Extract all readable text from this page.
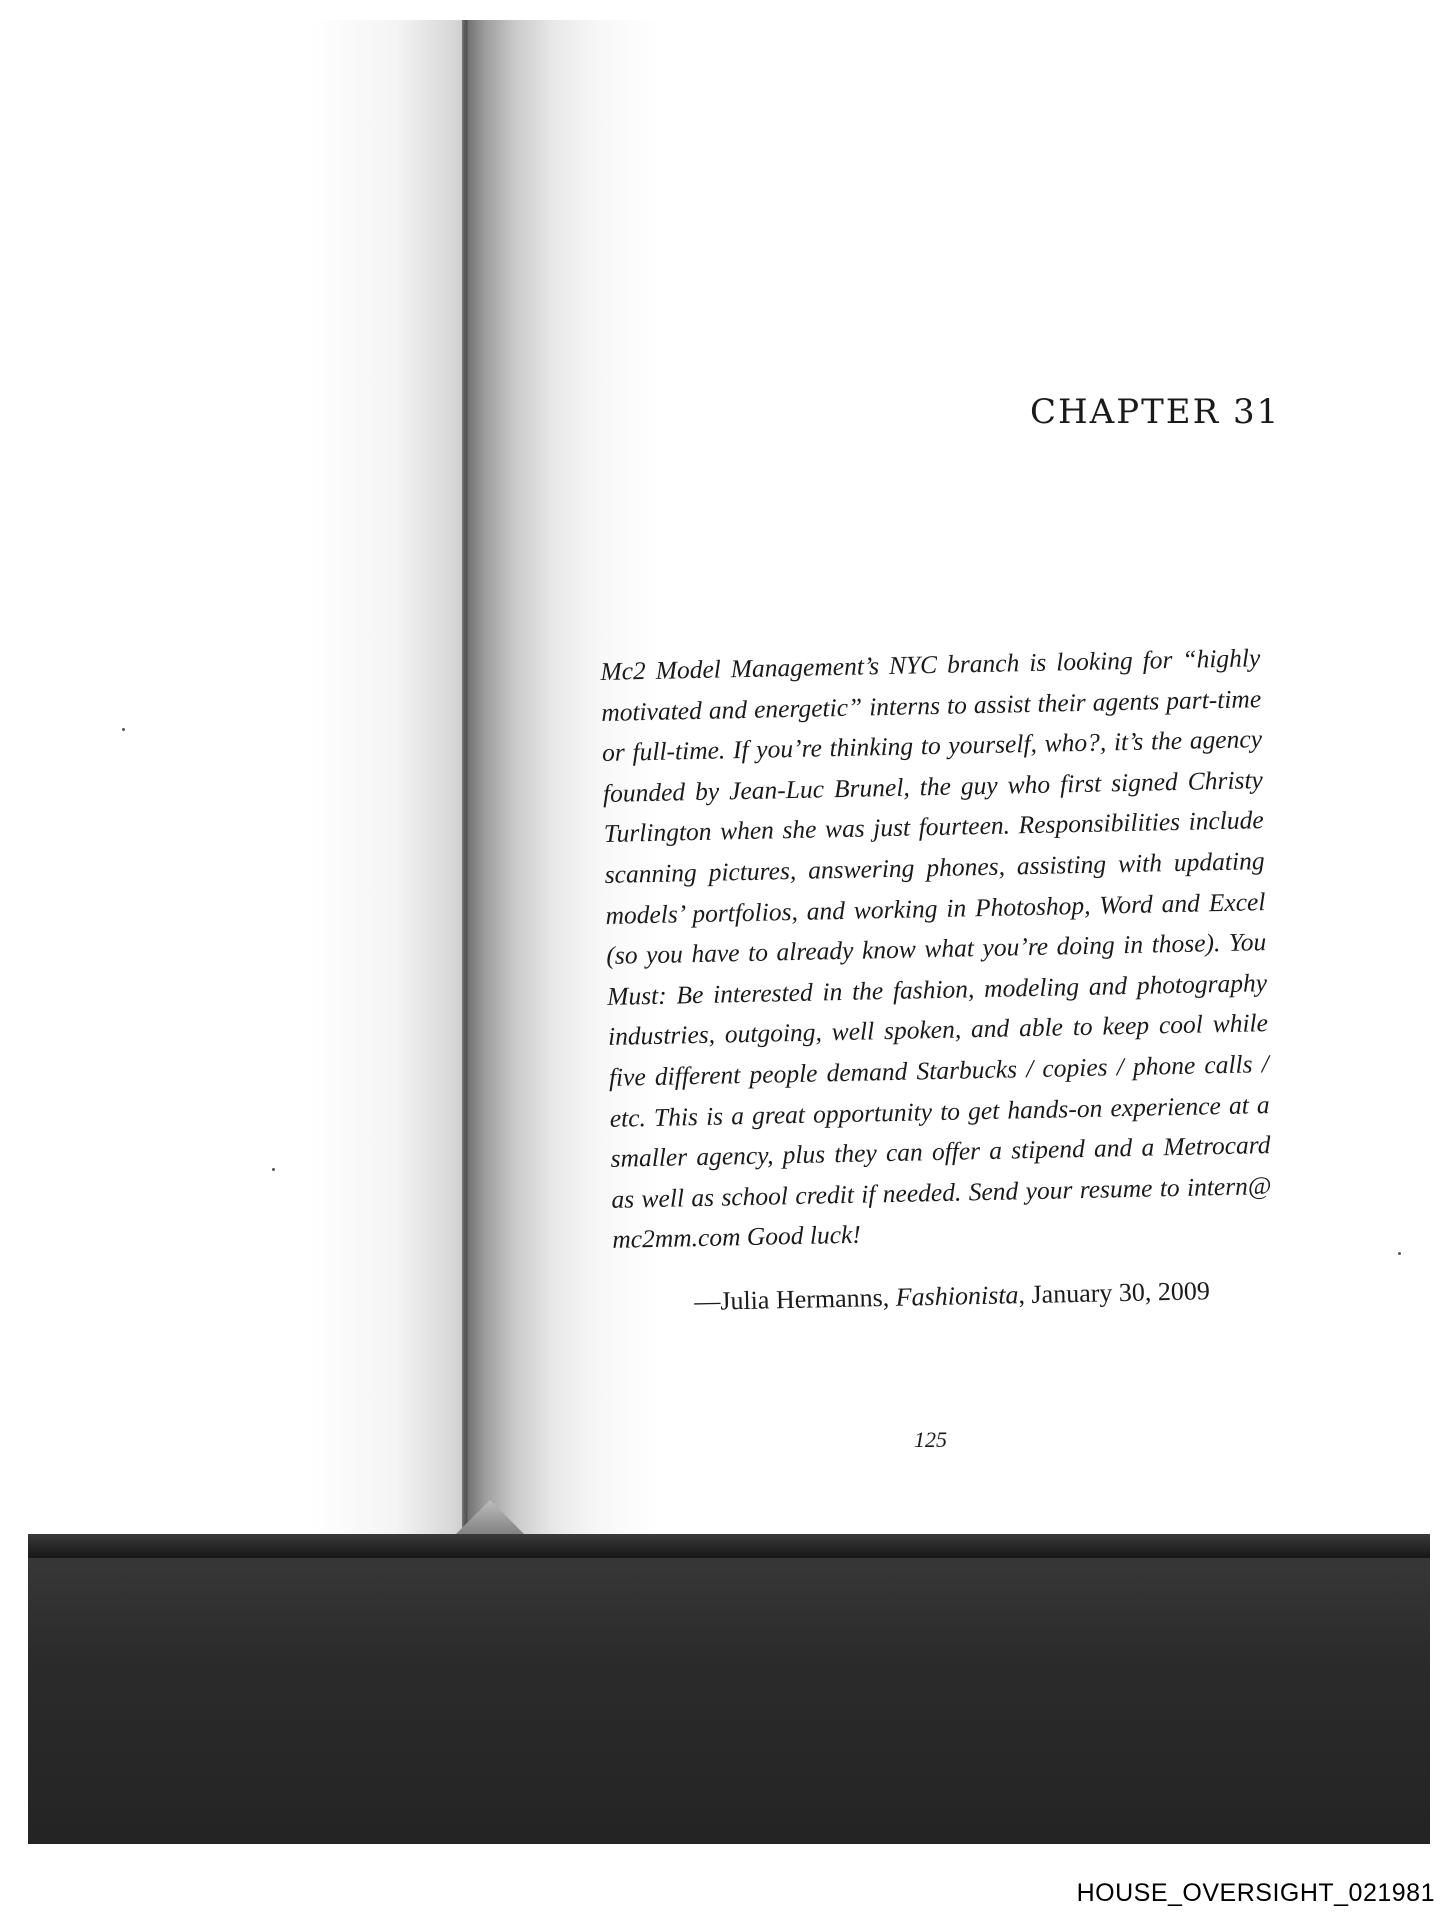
CHAPTER 31
Mc2 Model Management’s NYC branch is looking for “highly motivated and energetic” interns to assist their agents part-time or full-time. If you’re thinking to yourself, who?, it’s the agency founded by Jean-Luc Brunel, the guy who first signed Christy Turlington when she was just fourteen. Responsibilities include scanning pictures, answering phones, assisting with updating models’ portfolios, and working in Photoshop, Word and Excel (so you have to already know what you’re doing in those). You Must: Be interested in the fashion, modeling and photography industries, outgoing, well spoken, and able to keep cool while five different people demand Starbucks / copies / phone calls / etc. This is a great opportunity to get hands-on experience at a smaller agency, plus they can offer a stipend and a Metrocard as well as school credit if needed. Send your resume to intern@ mc2mm.com Good luck!
—Julia Hermanns, Fashionista, January 30, 2009
125
HOUSE_OVERSIGHT_021981
